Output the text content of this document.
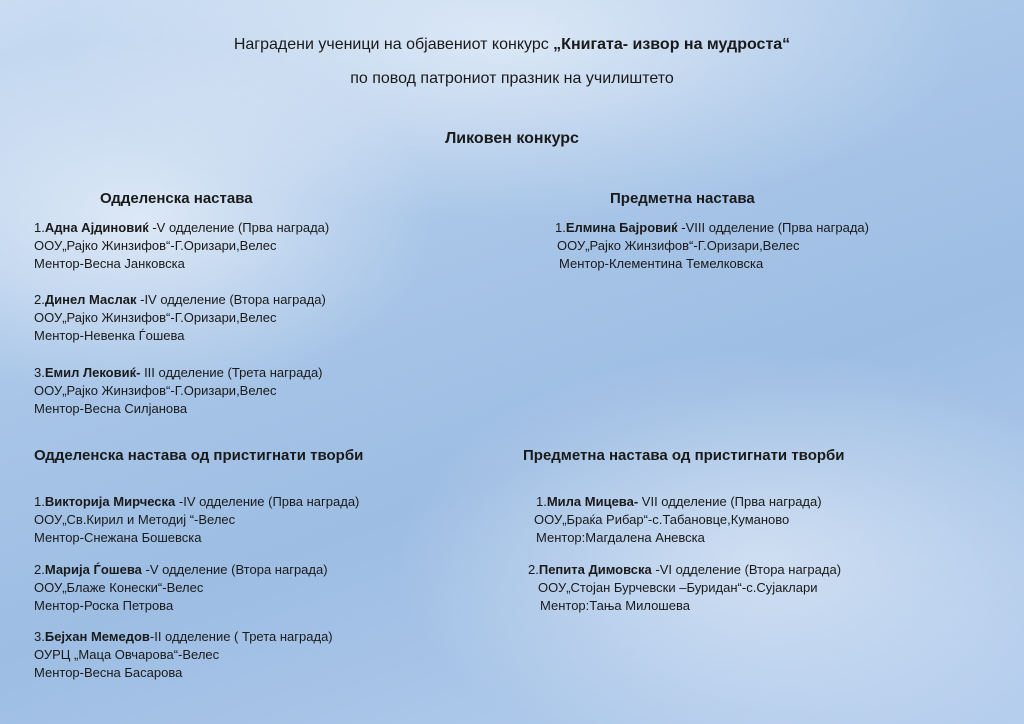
Наградени ученици на објавениот конкурс „Книгата- извор на мудроста“
по повод патрониот празник на училиштето
Ликовен конкурс
Одделенска настава
1.Адна Аjдиновиќ -V одделение (Прва награда)
ООУ„Рајко Жинзифов“-Г.Оризари,Велес
Ментор-Весна Јанковска
2.Динел Маслак -IV одделение (Втора награда)
ООУ„Рајко Жинзифов“-Г.Оризари,Велес
Ментор-Невенка Ѓошева
3.Емил Лековиќ- III одделение (Трета награда)
ООУ„Рајко Жинзифов“-Г.Оризари,Велес
Ментор-Весна Силјанова
Предметна настава
1.Елмина Бајровиќ -VIII одделение (Прва награда)
ООУ„Рајко Жинзифов“-Г.Оризари,Велес
Ментор-Клементина Темелковска
Одделенска настава од пристигнати творби
1.Викторија Мирческа -IV одделение (Прва награда)
ООУ„Св.Кирил и Методиј “-Велес
Ментор-Снежана Бошевска
2.Марија Ѓошева -V одделение (Втора награда)
ООУ„Блаже Конески“-Велес
Ментор-Роска Петрова
3.Бејхан Мемедов-II одделение ( Трета награда)
ОУРЦ „Маца Овчарова“-Велес
Ментор-Весна Басарова
Предметна настава од пристигнати творби
1.Мила Мицева- VII одделение (Прва награда)
ООУ„Браќа Рибар“-с.Табановце,Куманово
Ментор:Магдалена Аневска
2.Пепита Димовска -VI одделение (Втора награда)
ООУ„Стојан Бурчевски –Буридан“-с.Сујаклари
Ментор:Тања Милошева
